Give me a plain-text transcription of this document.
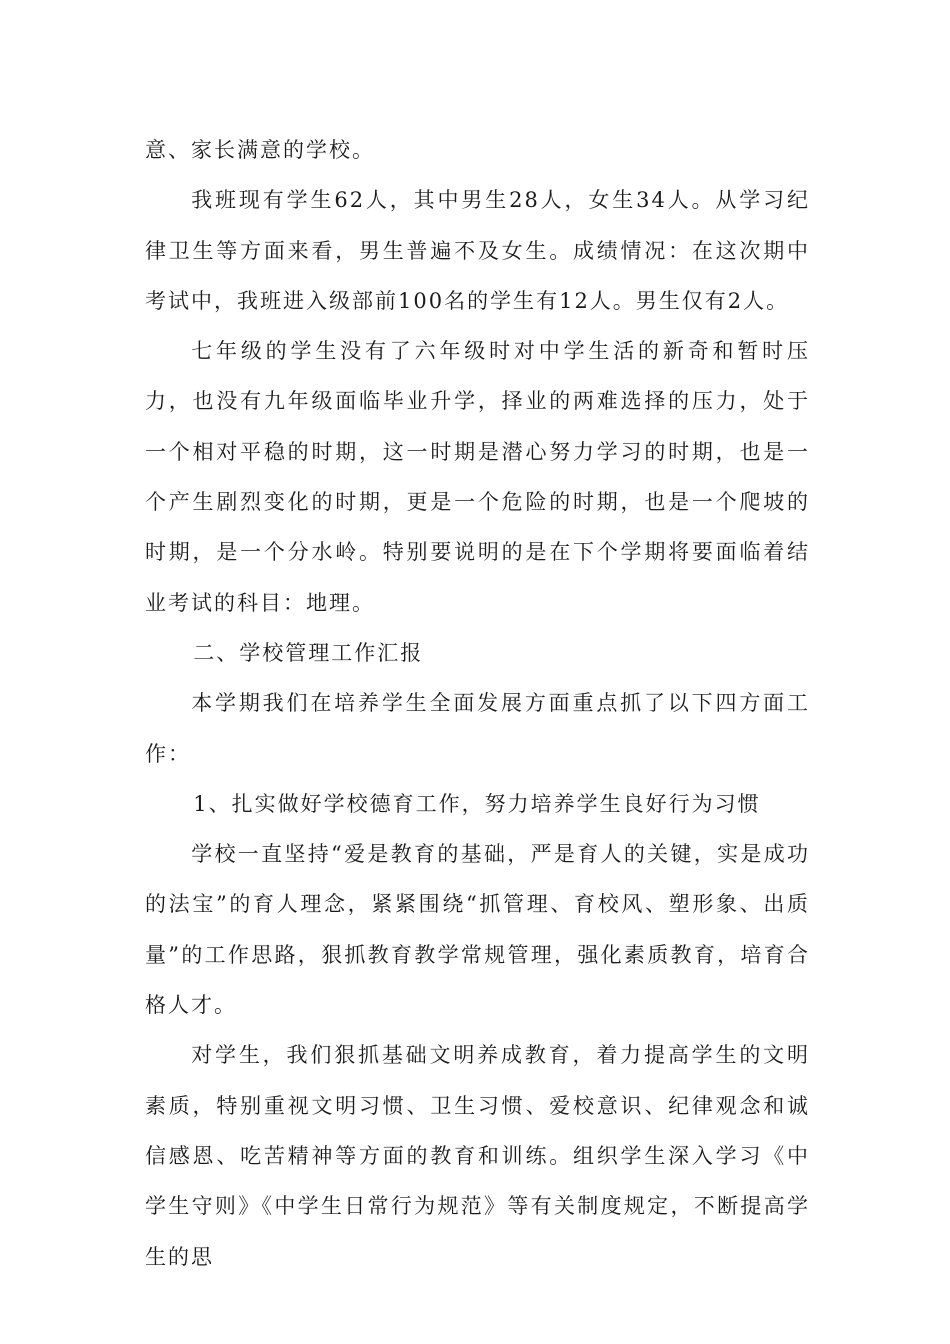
意、家长满意的学校。

我班现有学生62人，其中男生28人，女生34人。从学习纪律卫生等方面来看，男生普遍不及女生。成绩情况：在这次期中考试中，我班进入级部前100名的学生有12人。男生仅有2人。

七年级的学生没有了六年级时对中学生活的新奇和暂时压力，也没有九年级面临毕业升学，择业的两难选择的压力，处于一个相对平稳的时期，这一时期是潜心努力学习的时期，也是一个产生剧烈变化的时期，更是一个危险的时期，也是一个爬坡的时期，是一个分水岭。特别要说明的是在下个学期将要面临着结业考试的科目：地理。

二、学校管理工作汇报

本学期我们在培养学生全面发展方面重点抓了以下四方面工作：

1、扎实做好学校德育工作，努力培养学生良好行为习惯

学校一直坚持“爱是教育的基础，严是育人的关键，实是成功的法宝”的育人理念，紧紧围绕“抓管理、育校风、塑形象、出质量”的工作思路，狠抓教育教学常规管理，强化素质教育，培育合格人才。

对学生，我们狠抓基础文明养成教育，着力提高学生的文明素质，特别重视文明习惯、卫生习惯、爱校意识、纪律观念和诚信感恩、吃苦精神等方面的教育和训练。组织学生深入学习《中学生守则》《中学生日常行为规范》等有关制度规定，不断提高学生的思
